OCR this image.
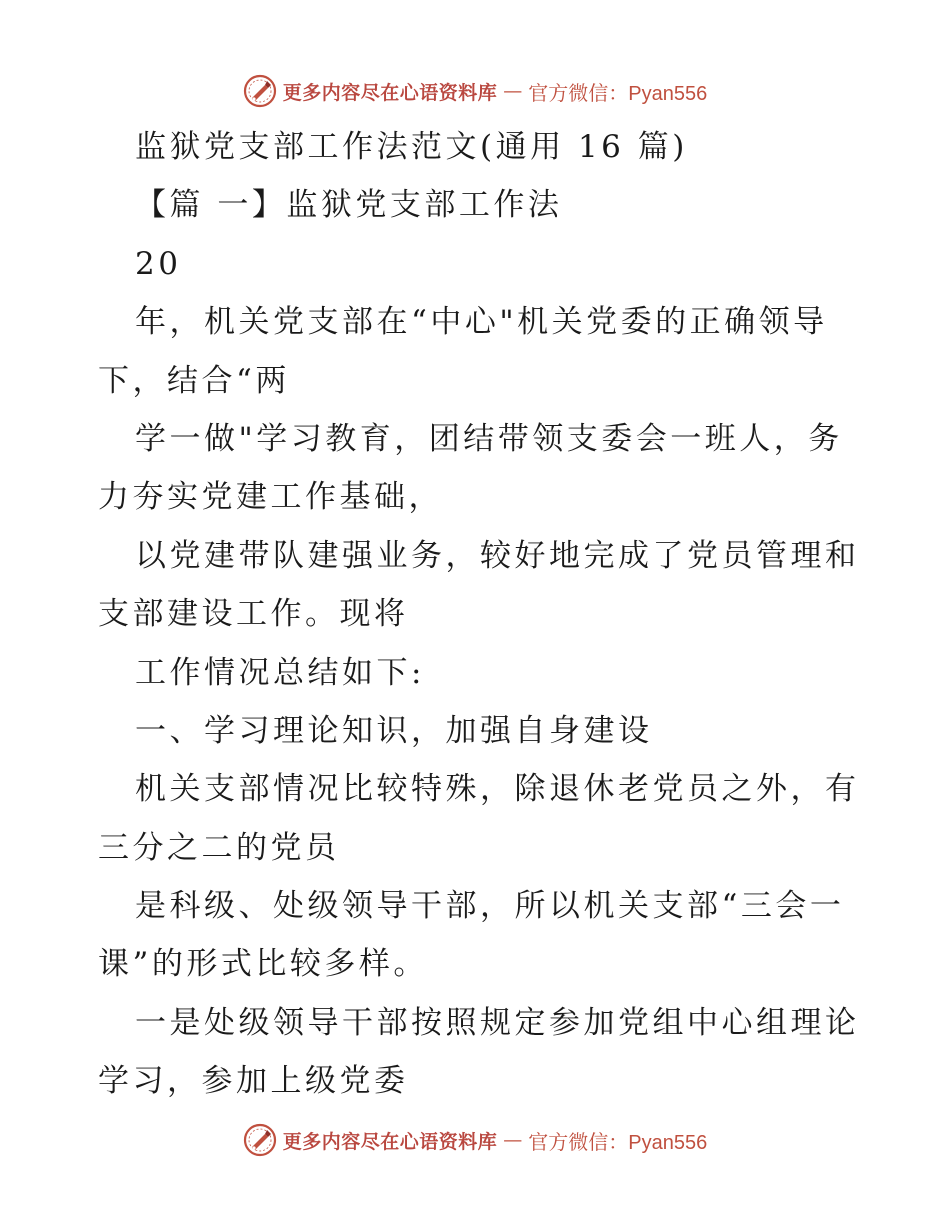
更多内容尽在心语资料库 — 官方微信：Pyan556
监狱党支部工作法范文(通用 16 篇)
【篇 一】监狱党支部工作法
20
年，机关党支部在“中心"机关党委的正确领导
下，结合“两
学一做"学习教育，团结带领支委会一班人，务
力夯实党建工作基础，
以党建带队建强业务，较好地完成了党员管理和
支部建设工作。现将
工作情况总结如下:
一、学习理论知识，加强自身建设
机关支部情况比较特殊，除退休老党员之外，有
三分之二的党员
是科级、处级领导干部，所以机关支部“三会一
课”的形式比较多样。
一是处级领导干部按照规定参加党组中心组理论
学习，参加上级党委
更多内容尽在心语资料库 — 官方微信：Pyan556
